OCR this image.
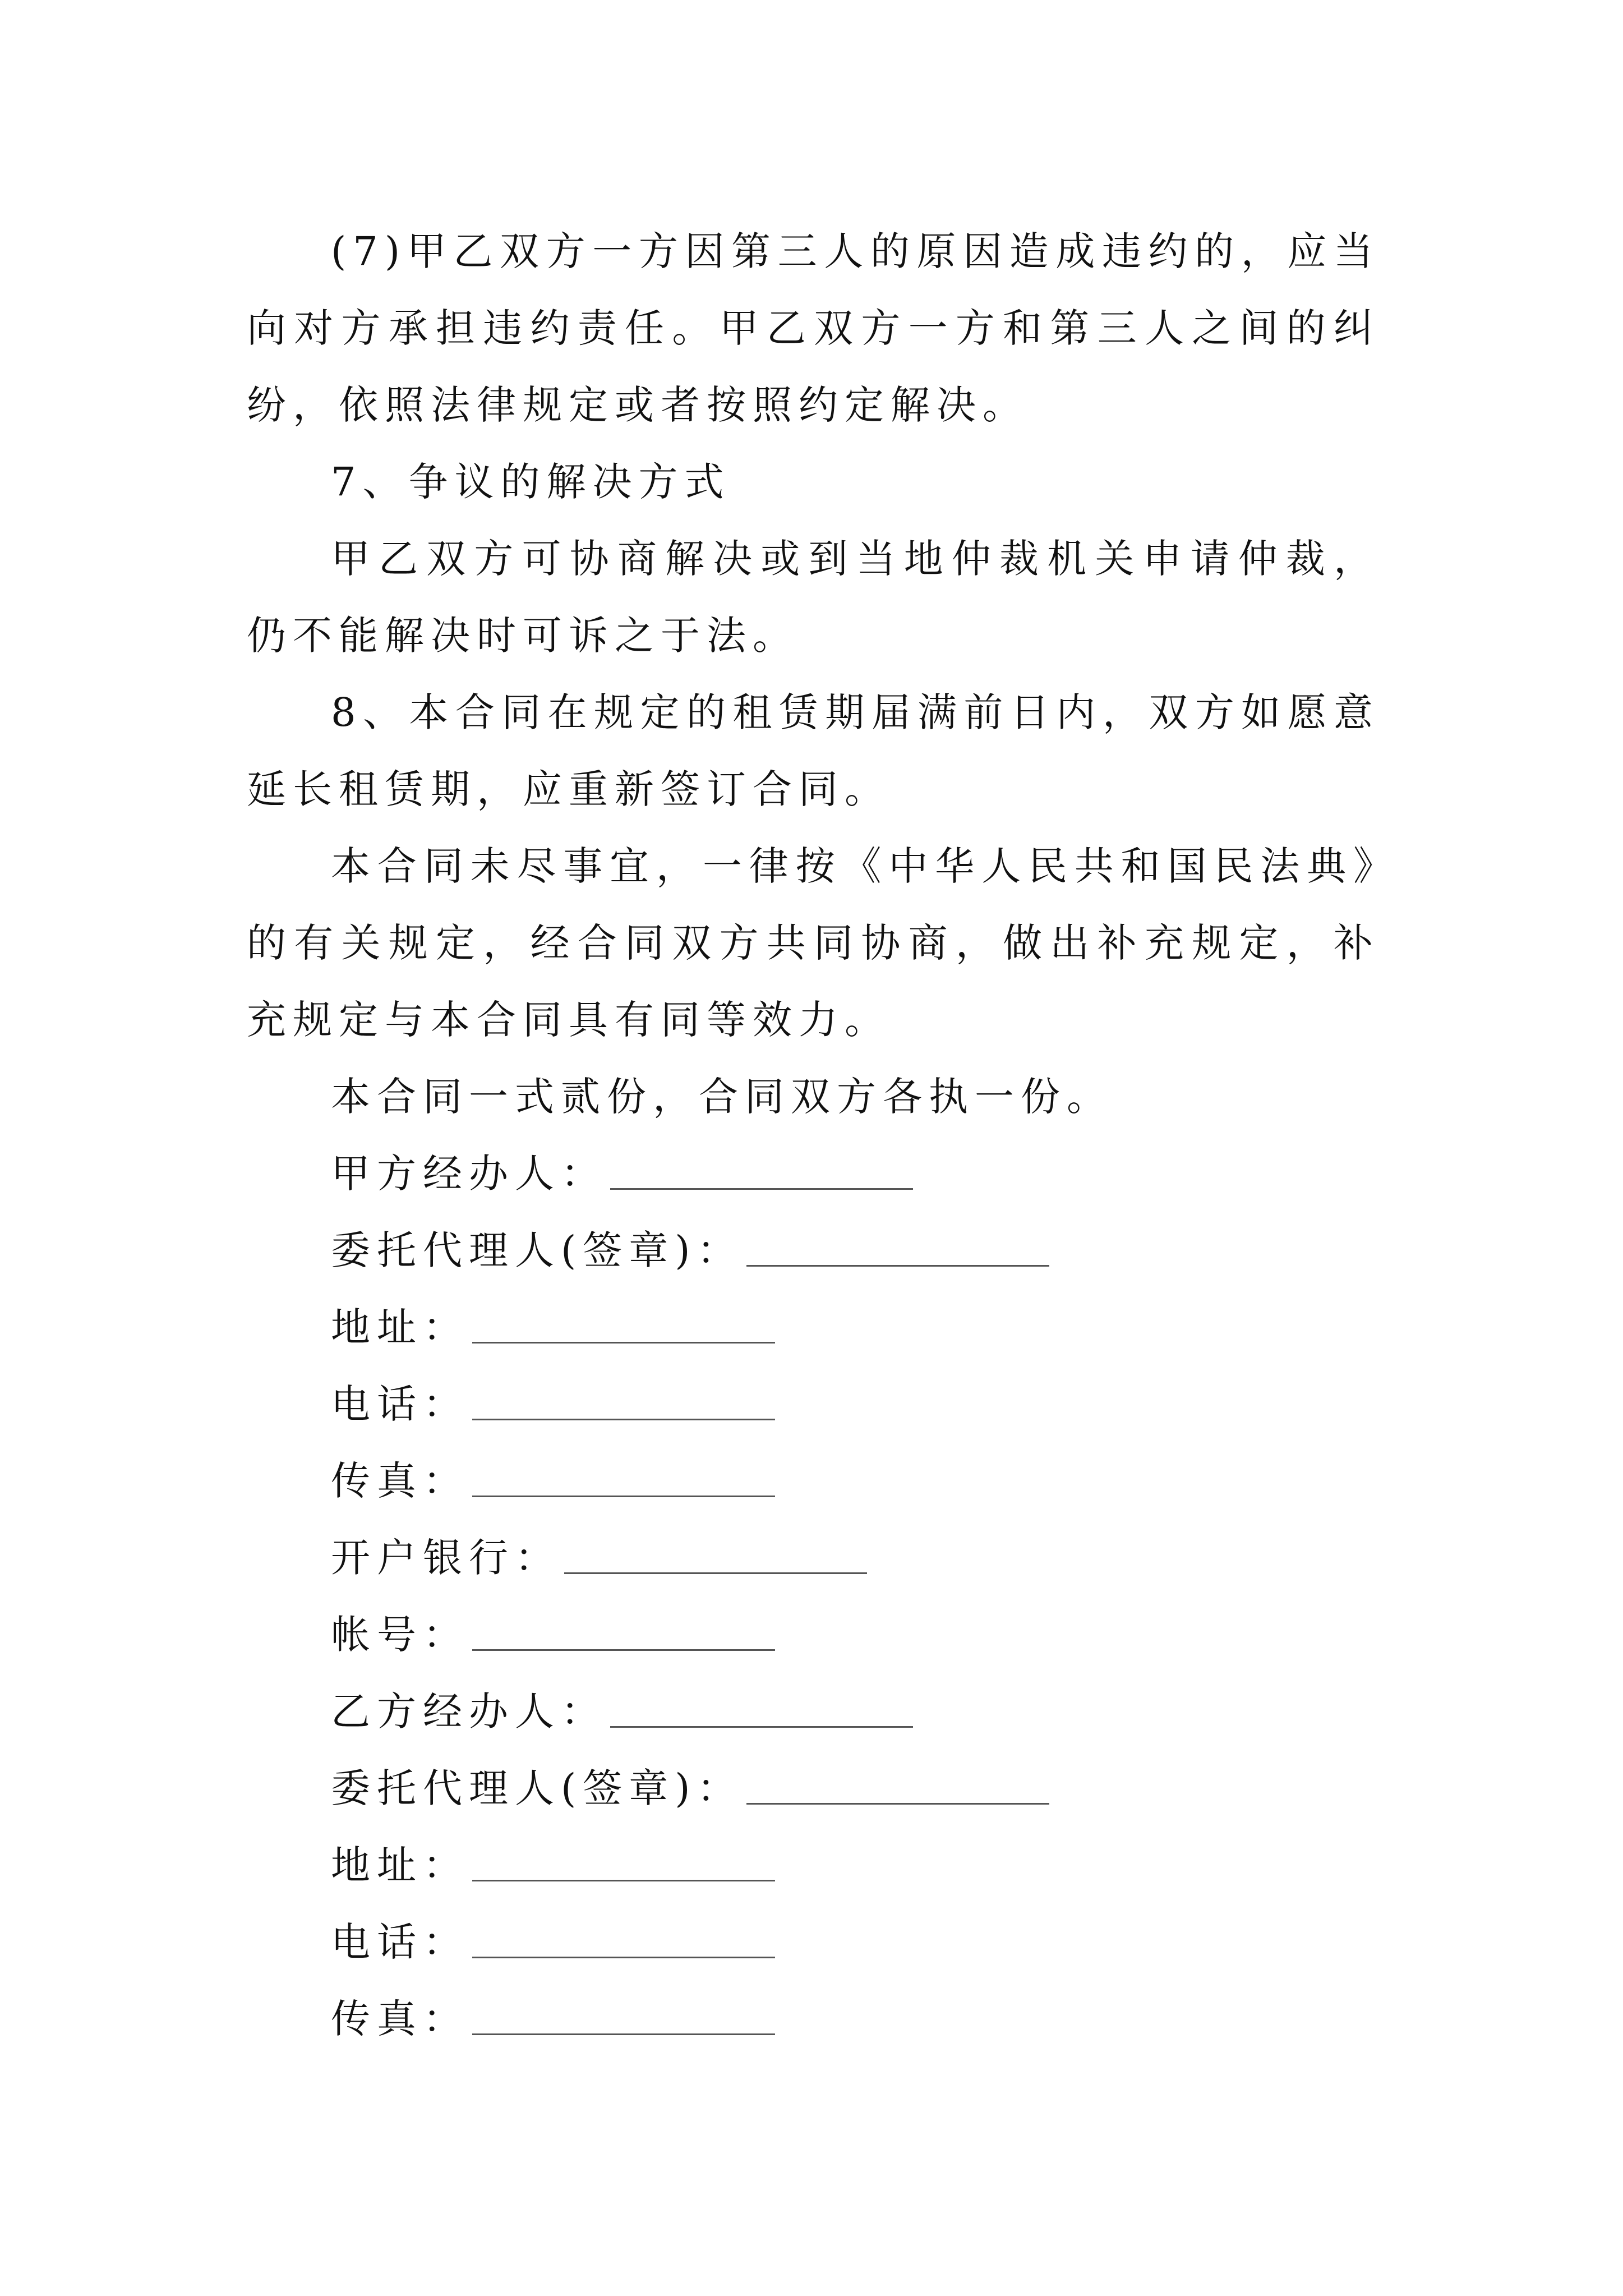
(7)甲乙双方一方因第三人的原因造成违约的，应当向对方承担违约责任。甲乙双方一方和第三人之间的纠纷，依照法律规定或者按照约定解决。

7、争议的解决方式

甲乙双方可协商解决或到当地仲裁机关申请仲裁，仍不能解决时可诉之于法。

8、本合同在规定的租赁期届满前日内，双方如愿意延长租赁期，应重新签订合同。

本合同未尽事宜，一律按《中华人民共和国民法典》的有关规定，经合同双方共同协商，做出补充规定，补充规定与本合同具有同等效力。

本合同一式贰份，合同双方各执一份。

甲方经办人：
委托代理人(签章)：
地址：
电话：
传真：
开户银行：
帐号：
乙方经办人：
委托代理人(签章)：
地址：
电话：
传真：
